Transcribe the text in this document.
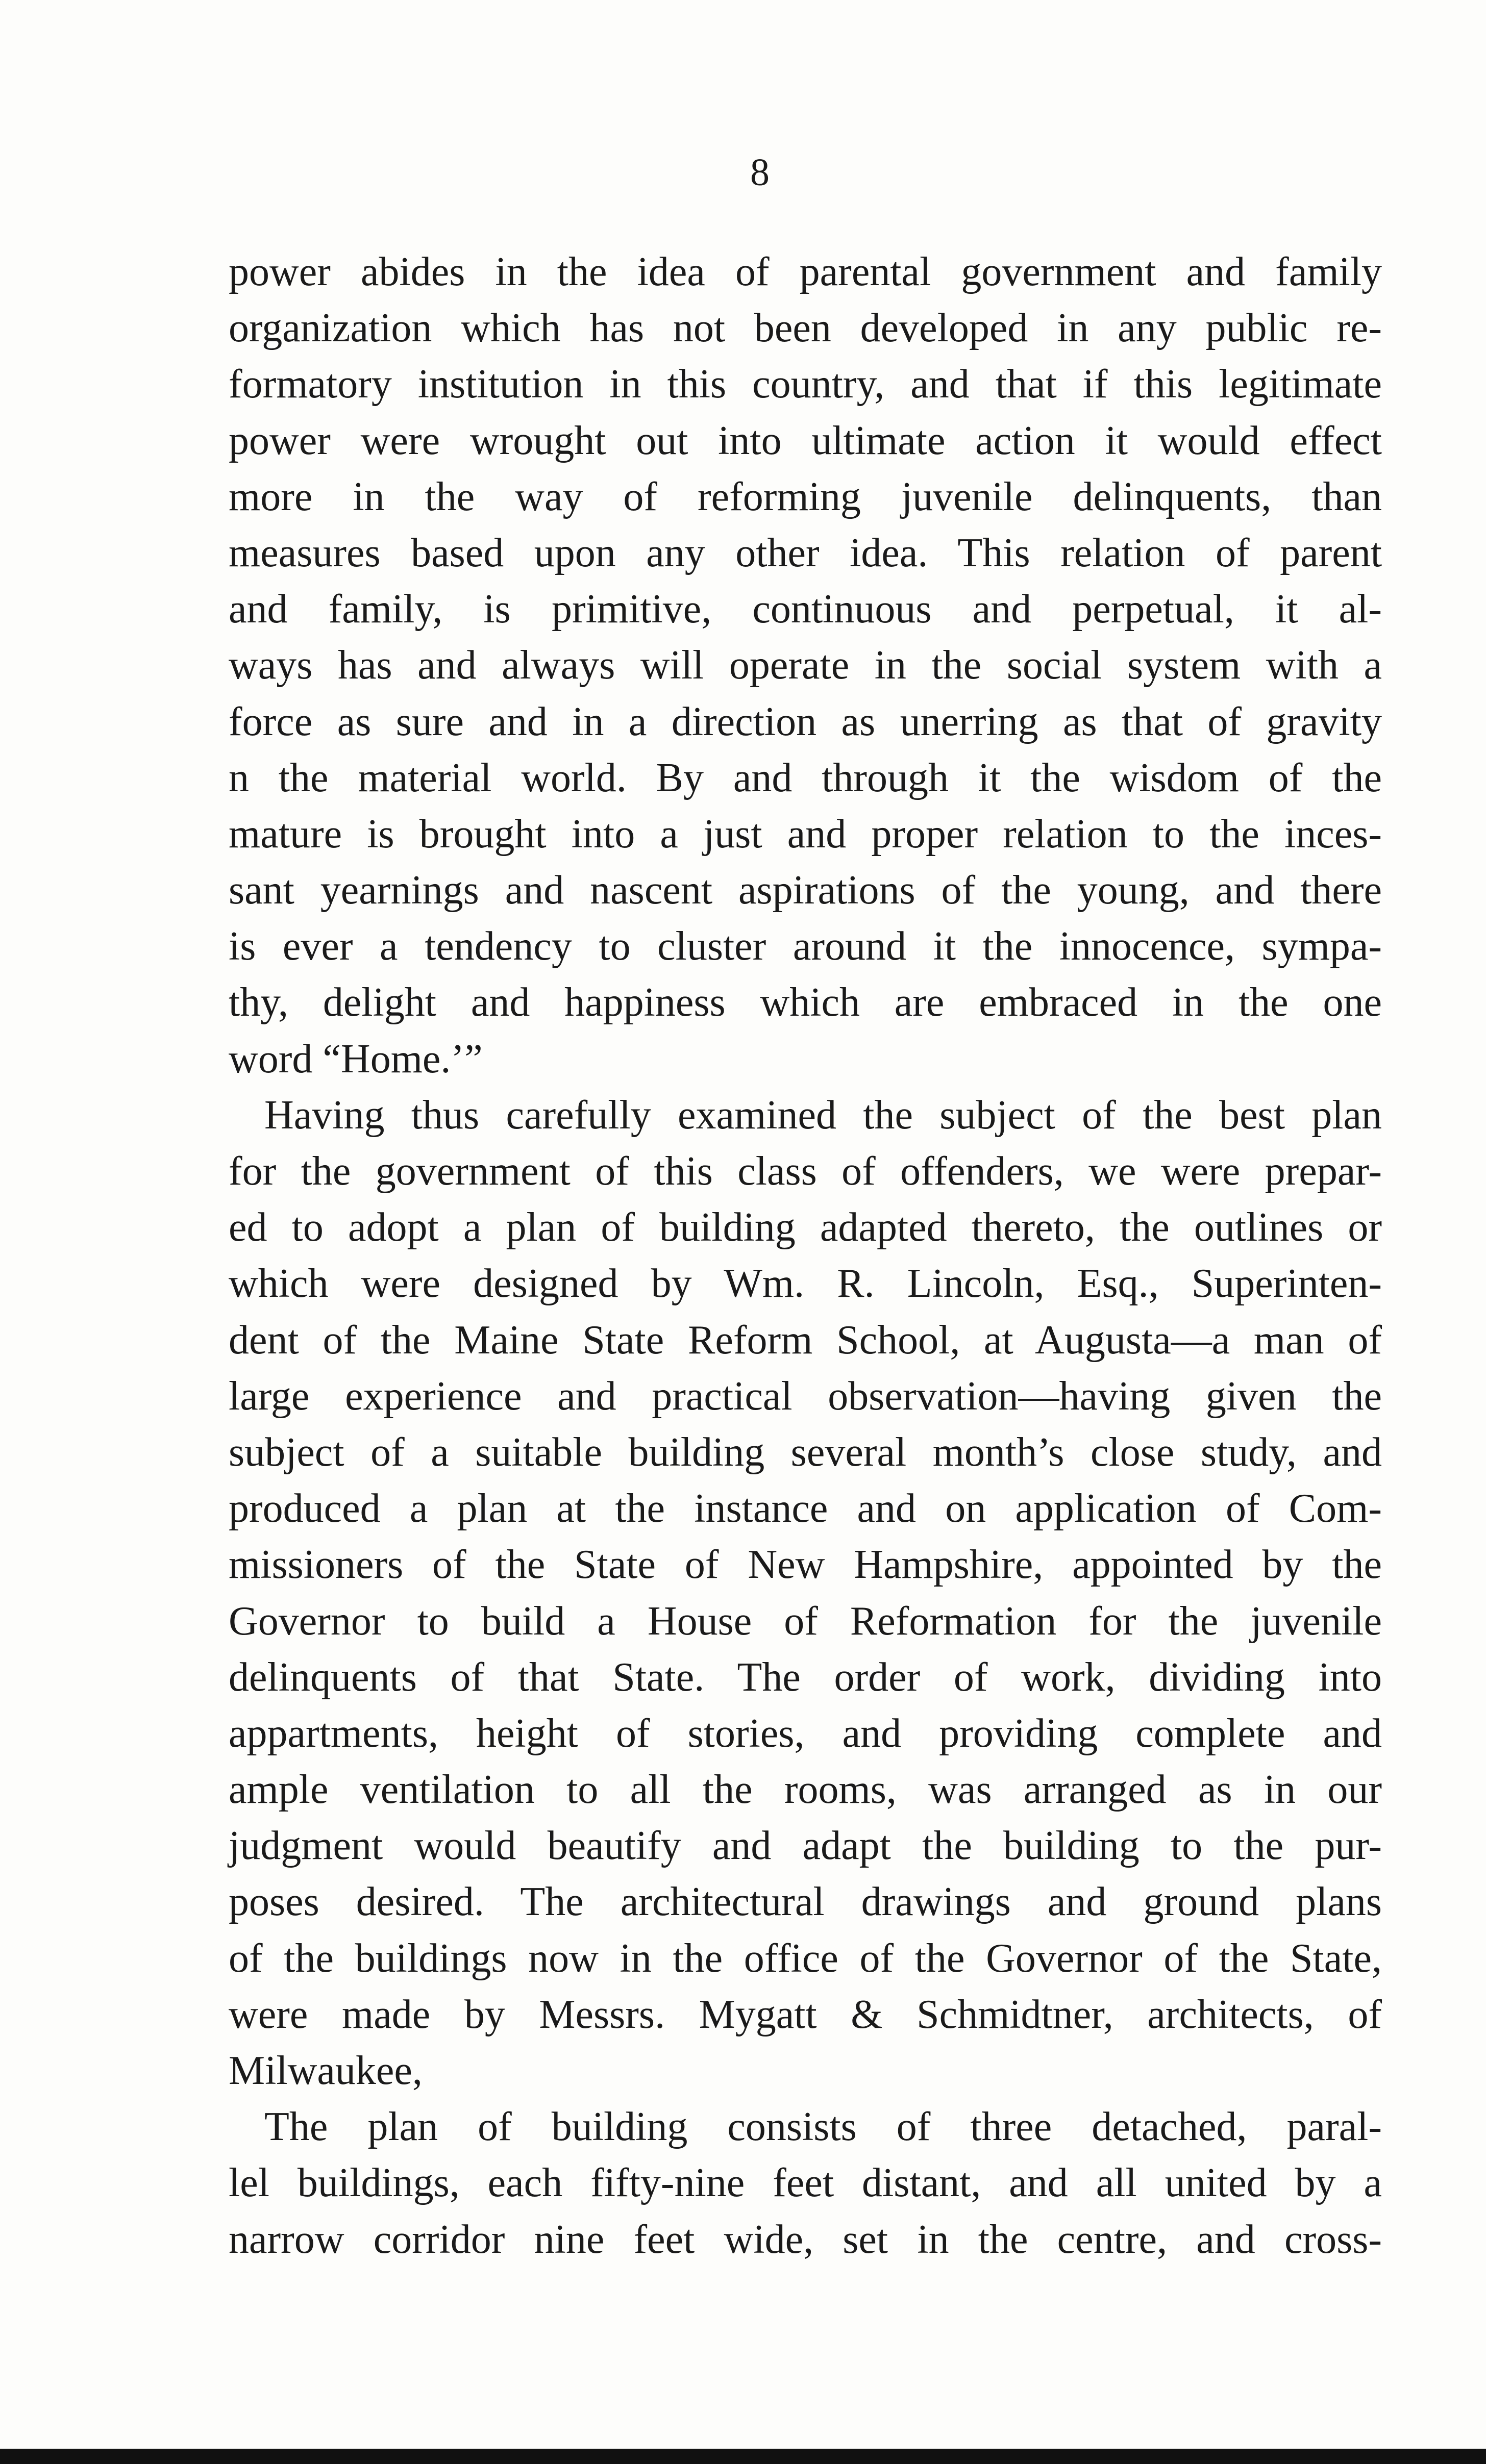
8
power abides in the idea of parental government and family
organization which has not been developed in any public re-
formatory institution in this country, and that if this legitimate
power were wrought out into ultimate action it would effect
more in the way of reforming juvenile delinquents, than
measures based upon any other idea. This relation of parent
and family, is primitive, continuous and perpetual, it al-
ways has and always will operate in the social system with a
force as sure and in a direction as unerring as that of gravity
n the material world. By and through it the wisdom of the
mature is brought into a just and proper relation to the inces-
sant yearnings and nascent aspirations of the young, and there
is ever a tendency to cluster around it the innocence, sympa-
thy, delight and happiness which are embraced in the one
word “Home.’”
Having thus carefully examined the subject of the best plan
for the government of this class of offenders, we were prepar-
ed to adopt a plan of building adapted thereto, the outlines or
which were designed by Wm. R. Lincoln, Esq., Superinten-
dent of the Maine State Reform School, at Augusta—a man of
large experience and practical observation—having given the
subject of a suitable building several month’s close study, and
produced a plan at the instance and on application of Com-
missioners of the State of New Hampshire, appointed by the
Governor to build a House of Reformation for the juvenile
delinquents of that State. The order of work, dividing into
appartments, height of stories, and providing complete and
ample ventilation to all the rooms, was arranged as in our
judgment would beautify and adapt the building to the pur-
poses desired. The architectural drawings and ground plans
of the buildings now in the office of the Governor of the State,
were made by Messrs. Mygatt & Schmidtner, architects, of
Milwaukee,
The plan of building consists of three detached, paral-
lel buildings, each fifty-nine feet distant, and all united by a
narrow corridor nine feet wide, set in the centre, and cross-
